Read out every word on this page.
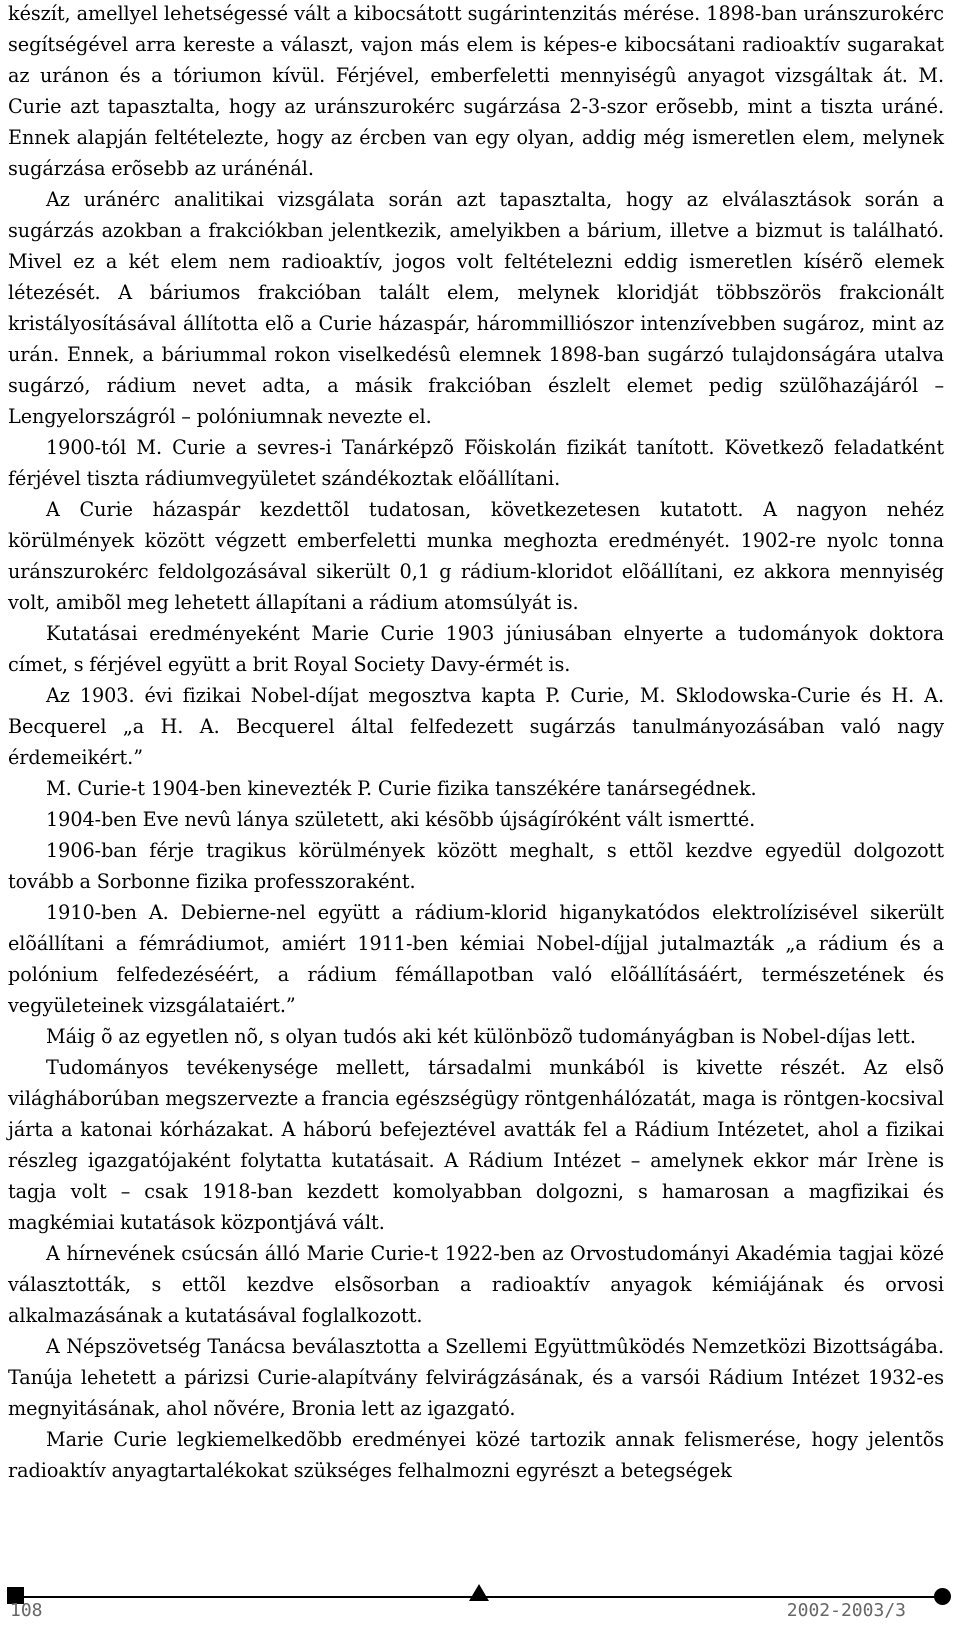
készít, amellyel lehetségessé vált a kibocsátott sugárintenzitás mérése. 1898-ban uránszurokérc segítségével arra kereste a választ, vajon más elem is képes-e kibocsátani radioaktív sugarakat az uránon és a tóriumon kívül. Férjével, emberfeletti mennyiségû anyagot vizsgáltak át. M. Curie azt tapasztalta, hogy az uránszurokérc sugárzása 2-3-szor erõsebb, mint a tiszta uráné. Ennek alapján feltételezte, hogy az ércben van egy olyan, addig még ismeretlen elem, melynek sugárzása erõsebb az uránénál.

Az uránérc analitikai vizsgálata során azt tapasztalta, hogy az elválasztások során a sugárzás azokban a frakciókban jelentkezik, amelyikben a bárium, illetve a bizmut is található. Mivel ez a két elem nem radioaktív, jogos volt feltételezni eddig ismeretlen kísérõ elemek létezését. A báriumos frakcióban talált elem, melynek kloridját többszörös frakcionált kristályosításával állította elõ a Curie házaspár, hárommilliószor intenzívebben sugároz, mint az urán. Ennek, a báriummal rokon viselkedésû elemnek 1898-ban sugárzó tulajdonságára utalva sugárzó, rádium nevet adta, a másik frakcióban észlelt elemet pedig szülõhazájáról – Lengyelországról – polóniumnak nevezte el.

1900-tól M. Curie a sevres-i Tanárképzõ Fõiskolán fizikát tanított. Következõ feladatként férjével tiszta rádiumvegyületet szándékoztak elõállítani.

A Curie házaspár kezdettõl tudatosan, következetesen kutatott. A nagyon nehéz körülmények között végzett emberfeletti munka meghozta eredményét. 1902-re nyolc tonna uránszurokérc feldolgozásával sikerült 0,1 g rádium-kloridot elõállítani, ez akkora mennyiség volt, amibõl meg lehetett állapítani a rádium atomsúlyát is.

Kutatásai eredményeként Marie Curie 1903 júniusában elnyerte a tudományok doktora címet, s férjével együtt a brit Royal Society Davy-érmét is.

Az 1903. évi fizikai Nobel-díjat megosztva kapta P. Curie, M. Sklodowska-Curie és H. A. Becquerel „a H. A. Becquerel által felfedezett sugárzás tanulmányozásában való nagy érdemeikért.”

M. Curie-t 1904-ben kinevezték P. Curie fizika tanszékére tanársegédnek.

1904-ben Eve nevû lánya született, aki késõbb újságíróként vált ismertté.

1906-ban férje tragikus körülmények között meghalt, s ettõl kezdve egyedül dolgozott tovább a Sorbonne fizika professzoraként.

1910-ben A. Debierne-nel együtt a rádium-klorid higanykatódos elektrolízisével sikerült elõállítani a fémrádiumot, amiért 1911-ben kémiai Nobel-díjjal jutalmazták „a rádium és a polónium felfedezéséért, a rádium fémállapotban való elõállításáért, természetének és vegyületeinek vizsgálataiért.”

Máig õ az egyetlen nõ, s olyan tudós aki két különbözõ tudományágban is Nobel-díjas lett.

Tudományos tevékenysége mellett, társadalmi munkából is kivette részét. Az elsõ világháborúban megszervezte a francia egészségügy röntgenhálózatát, maga is röntgen-kocsival járta a katonai kórházakat. A háború befejeztével avatták fel a Rádium Intézetet, ahol a fizikai részleg igazgatójaként folytatta kutatásait. A Rádium Intézet – amelynek ekkor már Irène is tagja volt – csak 1918-ban kezdett komolyabban dolgozni, s hamarosan a magfizikai és magkémiai kutatások központjává vált.

A hírnevének csúcsán álló Marie Curie-t 1922-ben az Orvostudományi Akadémia tagjai közé választották, s ettõl kezdve elsõsorban a radioaktív anyagok kémiájának és orvosi alkalmazásának a kutatásával foglalkozott.

A Népszövetség Tanácsa beválasztotta a Szellemi Együttmûködés Nemzetközi Bizottságába. Tanúja lehetett a párizsi Curie-alapítvány felvirágzásának, és a varsói Rádium Intézet 1932-es megnyitásának, ahol nõvére, Bronia lett az igazgató.

Marie Curie legkiemelkedõbb eredményei közé tartozik annak felismerése, hogy jelentõs radioaktív anyagtartalékokat szükséges felhalmozni egyrészt a betegségek

108	2002-2003/3
